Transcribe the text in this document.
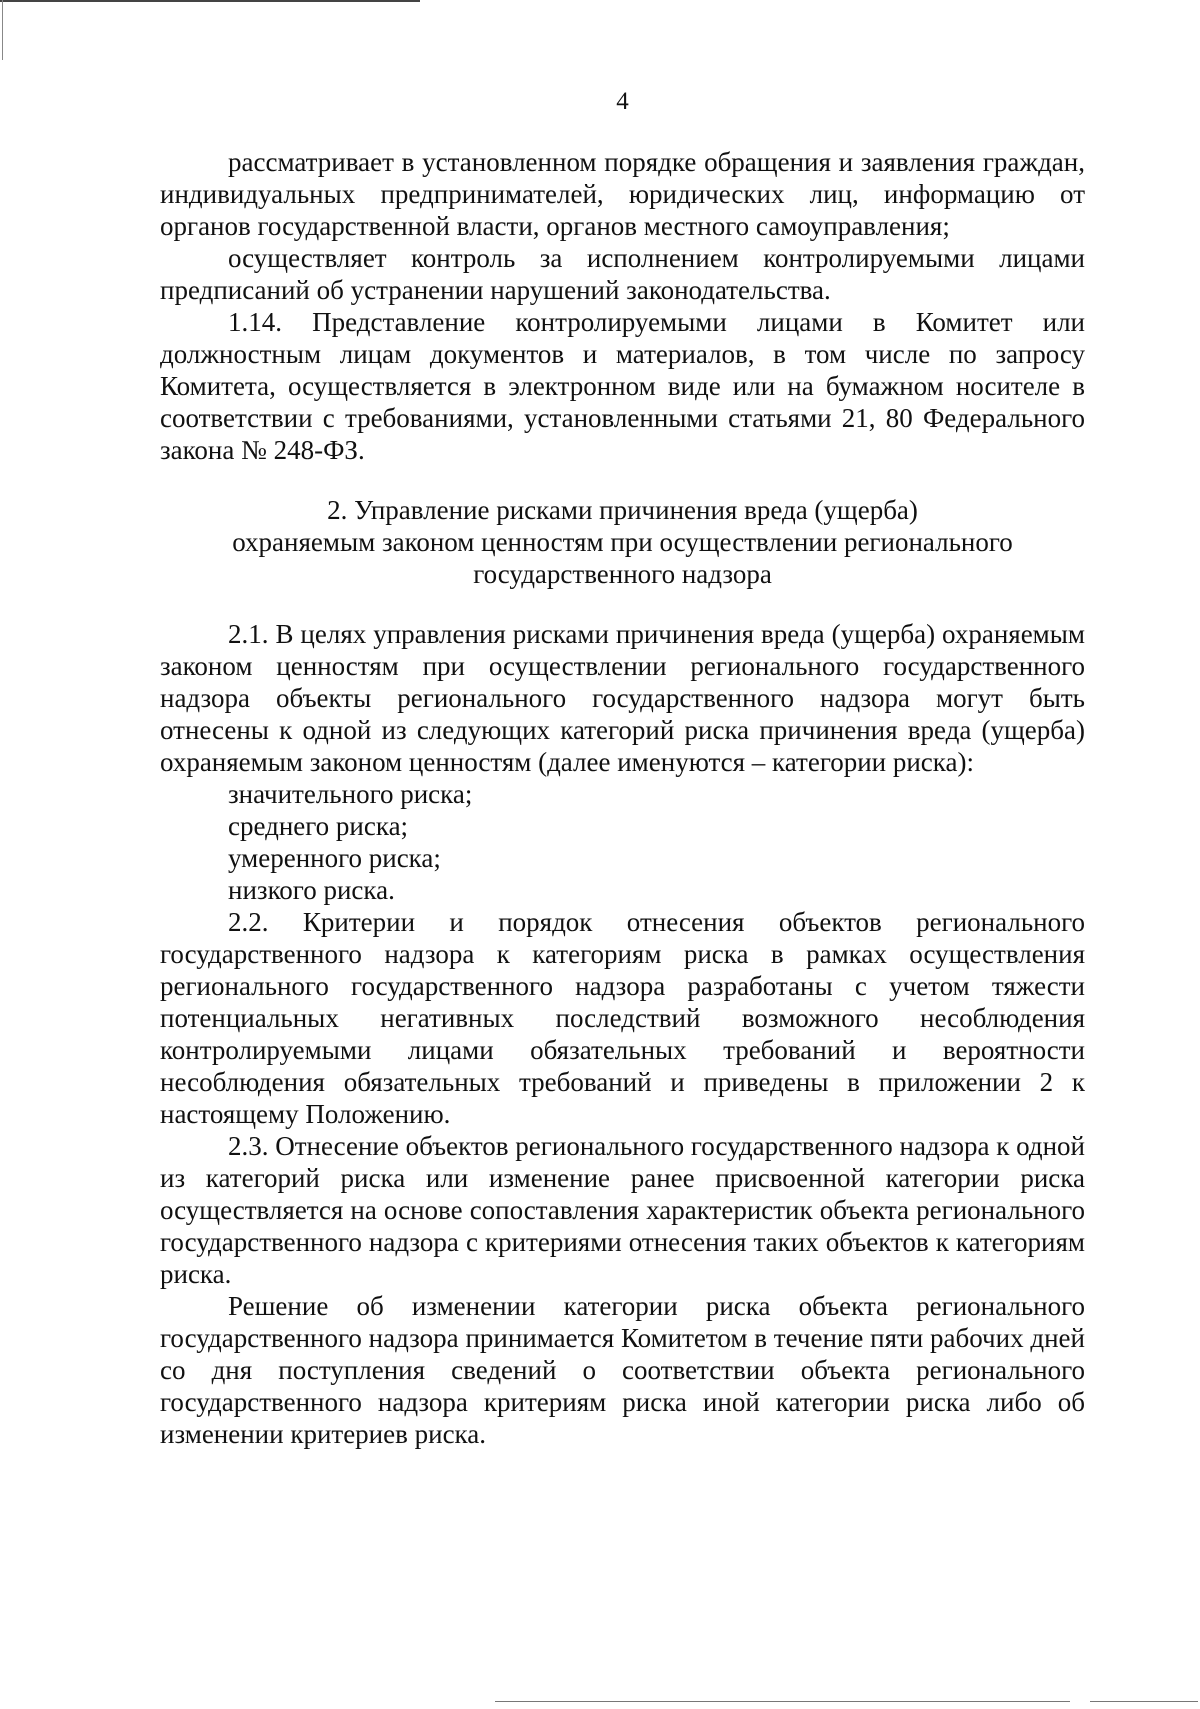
4

рассматривает в установленном порядке обращения и заявления граждан, индивидуальных предпринимателей, юридических лиц, информацию от органов государственной власти, органов местного самоуправления;

осуществляет контроль за исполнением контролируемыми лицами предписаний об устранении нарушений законодательства.

1.14. Представление контролируемыми лицами в Комитет или должностным лицам документов и материалов, в том числе по запросу Комитета, осуществляется в электронном виде или на бумажном носителе в соответствии с требованиями, установленными статьями 21, 80 Федерального закона № 248-ФЗ.

2. Управление рисками причинения вреда (ущерба)

охраняемым законом ценностям при осуществлении регионального

государственного надзора

2.1. В целях управления рисками причинения вреда (ущерба) охраняемым законом ценностям при осуществлении регионального государственного надзора объекты регионального государственного надзора могут быть отнесены к одной из следующих категорий риска причинения вреда (ущерба) охраняемым законом ценностям (далее именуются – категории риска):

значительного риска;

среднего риска;

умеренного риска;

низкого риска.

2.2. Критерии и порядок отнесения объектов регионального государственного надзора к категориям риска в рамках осуществления регионального государственного надзора разработаны с учетом тяжести потенциальных негативных последствий возможного несоблюдения контролируемыми лицами обязательных требований и вероятности несоблюдения обязательных требований и приведены в приложении 2 к настоящему Положению.

2.3. Отнесение объектов регионального государственного надзора к одной из категорий риска или изменение ранее присвоенной категории риска осуществляется на основе сопоставления характеристик объекта регионального государственного надзора с критериями отнесения таких объектов к категориям риска.

Решение об изменении категории риска объекта регионального государственного надзора принимается Комитетом в течение пяти рабочих дней со дня поступления сведений о соответствии объекта регионального государственного надзора критериям риска иной категории риска либо об изменении критериев риска.
